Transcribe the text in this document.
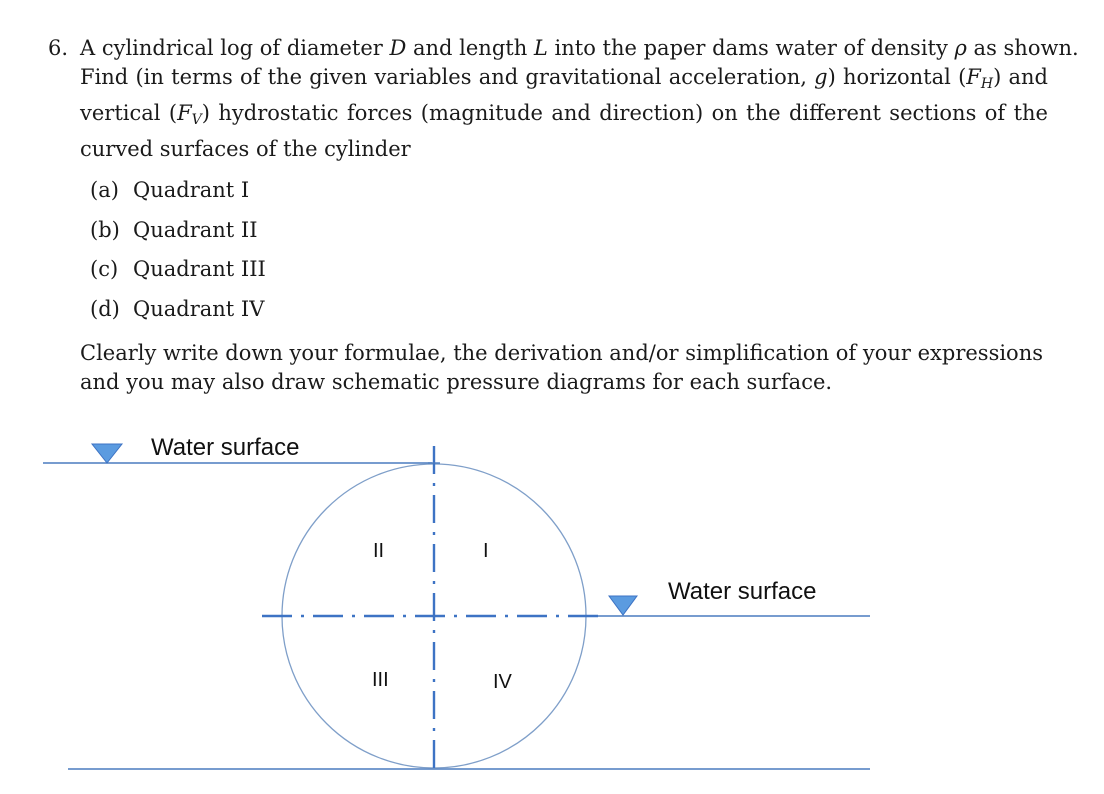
6. A cylindrical log of diameter D and length L into the paper dams water of density ρ as shown.
Find (in terms of the given variables and gravitational acceleration, g) horizontal $(F_H)$ and
vertical $(F_V)$ hydrostatic forces (magnitude and direction) on the different sections of the
curved surfaces of the cylinder
(a) Quadrant I
(b) Quadrant II
(c) Quadrant III
(d) Quadrant IV
Clearly write down your formulae, the derivation and/or simplification of your expressions
and you may also draw schematic pressure diagrams for each surface.
Water surface
Water surface
II	I
III	IV
